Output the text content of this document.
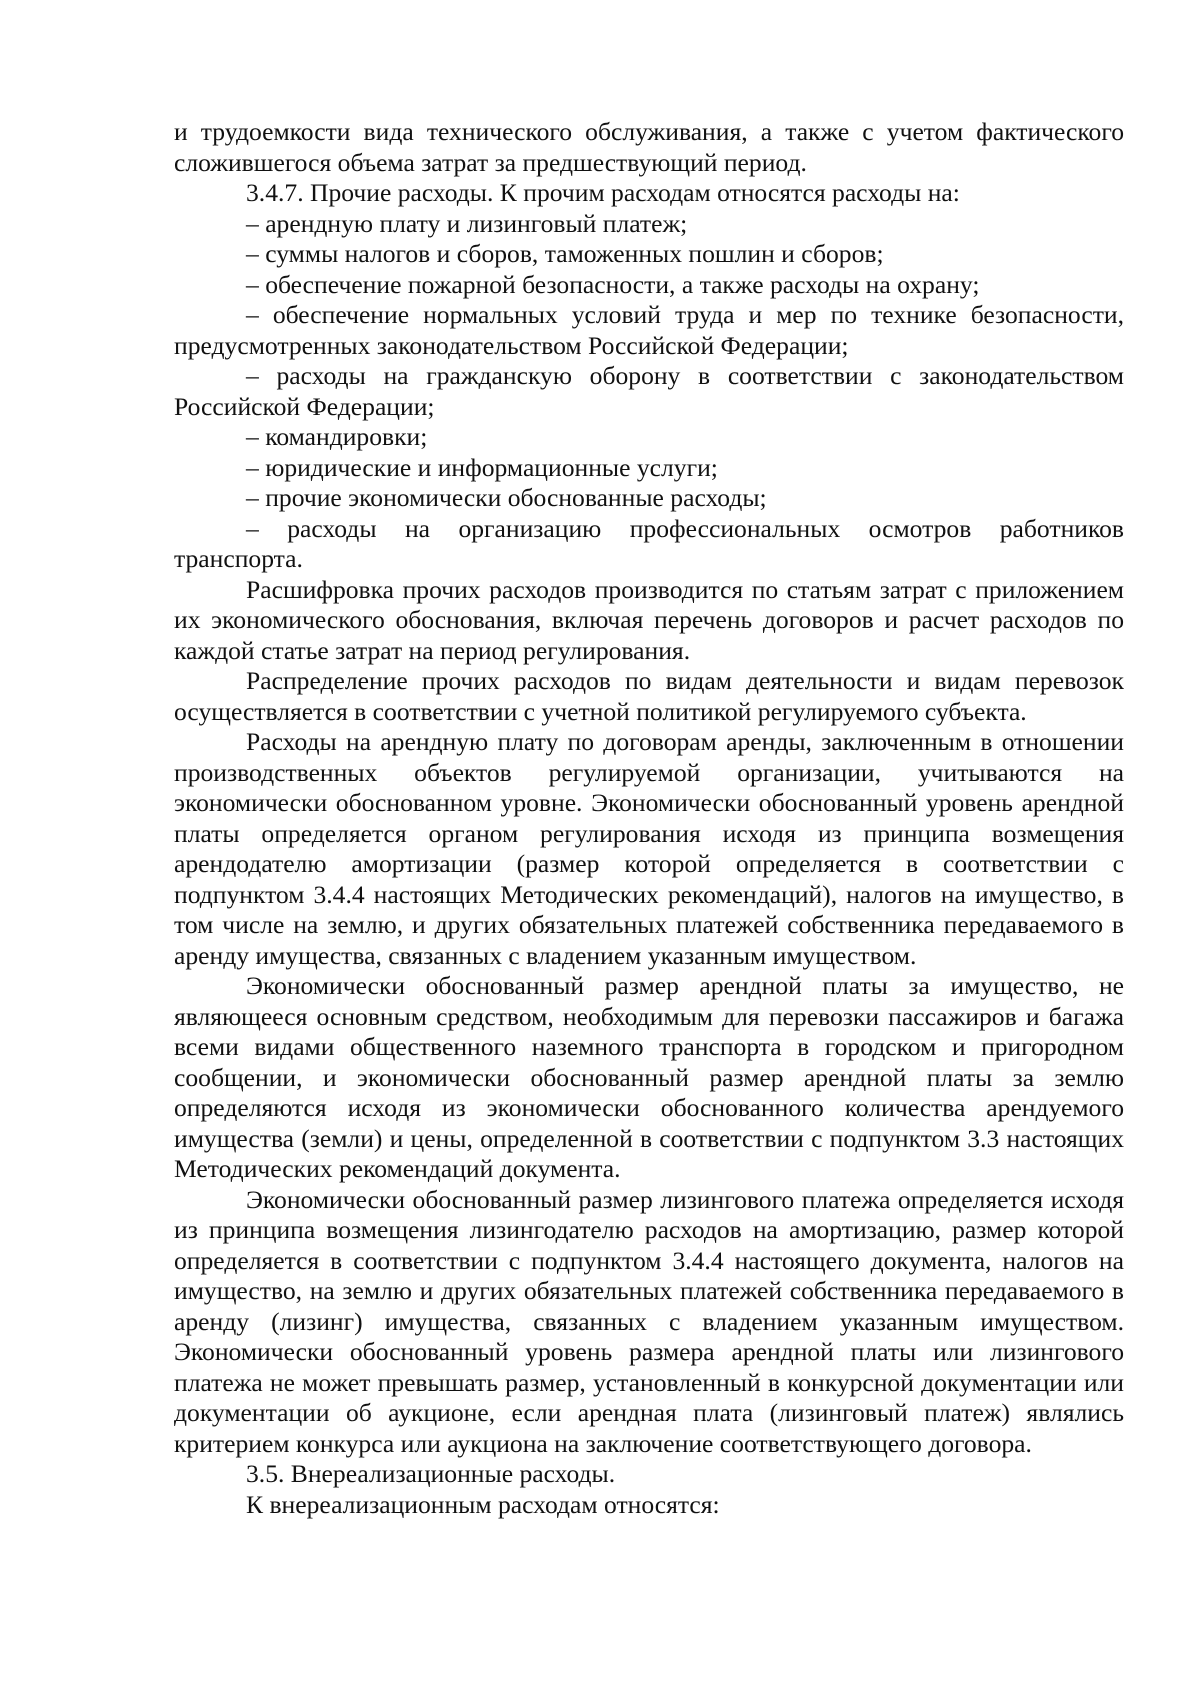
и трудоемкости вида технического обслуживания, а также с учетом фактического сложившегося объема затрат за предшествующий период.

3.4.7. Прочие расходы. К прочим расходам относятся расходы на:

– арендную плату и лизинговый платеж;

– суммы налогов и сборов, таможенных пошлин и сборов;

– обеспечение пожарной безопасности, а также расходы на охрану;

– обеспечение нормальных условий труда и мер по технике безопасности, предусмотренных законодательством Российской Федерации;

– расходы на гражданскую оборону в соответствии с законодательством Российской Федерации;

– командировки;

– юридические и информационные услуги;

– прочие экономически обоснованные расходы;

– расходы на организацию профессиональных осмотров работников транспорта.

Расшифровка прочих расходов производится по статьям затрат с приложением их экономического обоснования, включая перечень договоров и расчет расходов по каждой статье затрат на период регулирования.

Распределение прочих расходов по видам деятельности и видам перевозок осуществляется в соответствии с учетной политикой регулируемого субъекта.

Расходы на арендную плату по договорам аренды, заключенным в отношении производственных объектов регулируемой организации, учитываются на экономически обоснованном уровне. Экономически обоснованный уровень арендной платы определяется органом регулирования исходя из принципа возмещения арендодателю амортизации (размер которой определяется в соответствии с подпунктом 3.4.4 настоящих Методических рекомендаций), налогов на имущество, в том числе на землю, и других обязательных платежей собственника передаваемого в аренду имущества, связанных с владением указанным имуществом.

Экономически обоснованный размер арендной платы за имущество, не являющееся основным средством, необходимым для перевозки пассажиров и багажа всеми видами общественного наземного транспорта в городском и пригородном сообщении, и экономически обоснованный размер арендной платы за землю определяются исходя из экономически обоснованного количества арендуемого имущества (земли) и цены, определенной в соответствии с подпунктом 3.3 настоящих Методических рекомендаций документа.

Экономически обоснованный размер лизингового платежа определяется исходя из принципа возмещения лизингодателю расходов на амортизацию, размер которой определяется в соответствии с подпунктом 3.4.4 настоящего документа, налогов на имущество, на землю и других обязательных платежей собственника передаваемого в аренду (лизинг) имущества, связанных с владением указанным имуществом. Экономически обоснованный уровень размера арендной платы или лизингового платежа не может превышать размер, установленный в конкурсной документации или документации об аукционе, если арендная плата (лизинговый платеж) являлись критерием конкурса или аукциона на заключение соответствующего договора.

3.5. Внереализационные расходы.

К внереализационным расходам относятся:
